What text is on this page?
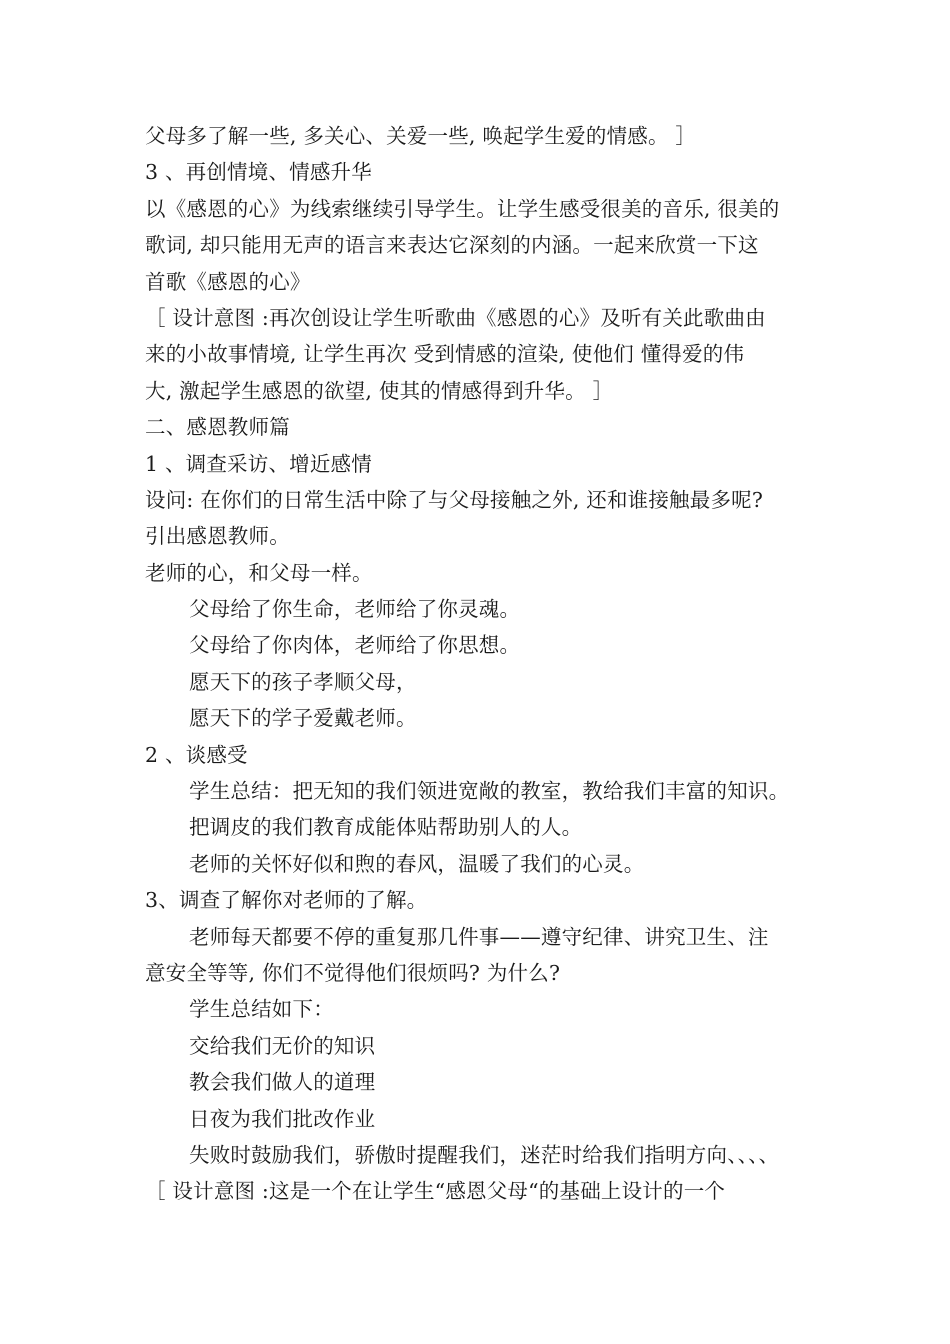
父母多了解一些, 多关心、关爱一些, 唤起学生爱的情感。 ］
3 、再创情境、情感升华
以《感恩的心》为线索继续引导学生。让学生感受很美的音乐, 很美的
歌词, 却只能用无声的语言来表达它深刻的内涵。一起来欣赏一下这
首歌《感恩的心》
［ 设计意图 :再次创设让学生听歌曲《感恩的心》及听有关此歌曲由
来的小故事情境, 让学生再次 受到情感的渲染, 使他们 懂得爱的伟
大, 激起学生感恩的欲望, 使其的情感得到升华。 ］
二、感恩教师篇
1 、调查采访、增近感情
设问: 在你们的日常生活中除了与父母接触之外, 还和谁接触最多呢?
引出感恩教师。
老师的心，和父母一样。
父母给了你生命，老师给了你灵魂。
父母给了你肉体，老师给了你思想。
愿天下的孩子孝顺父母，
愿天下的学子爱戴老师。
2 、谈感受
学生总结：把无知的我们领进宽敞的教室，教给我们丰富的知识。
把调皮的我们教育成能体贴帮助别人的人。
老师的关怀好似和煦的春风，温暖了我们的心灵。
3、调查了解你对老师的了解。
老师每天都要不停的重复那几件事——遵守纪律、讲究卫生、注
意安全等等, 你们不觉得他们很烦吗? 为什么?
学生总结如下：
交给我们无价的知识
教会我们做人的道理
日夜为我们批改作业
失败时鼓励我们，骄傲时提醒我们，迷茫时给我们指明方向、、、、
［ 设计意图 :这是一个在让学生“感恩父母“的基础上设计的一个
